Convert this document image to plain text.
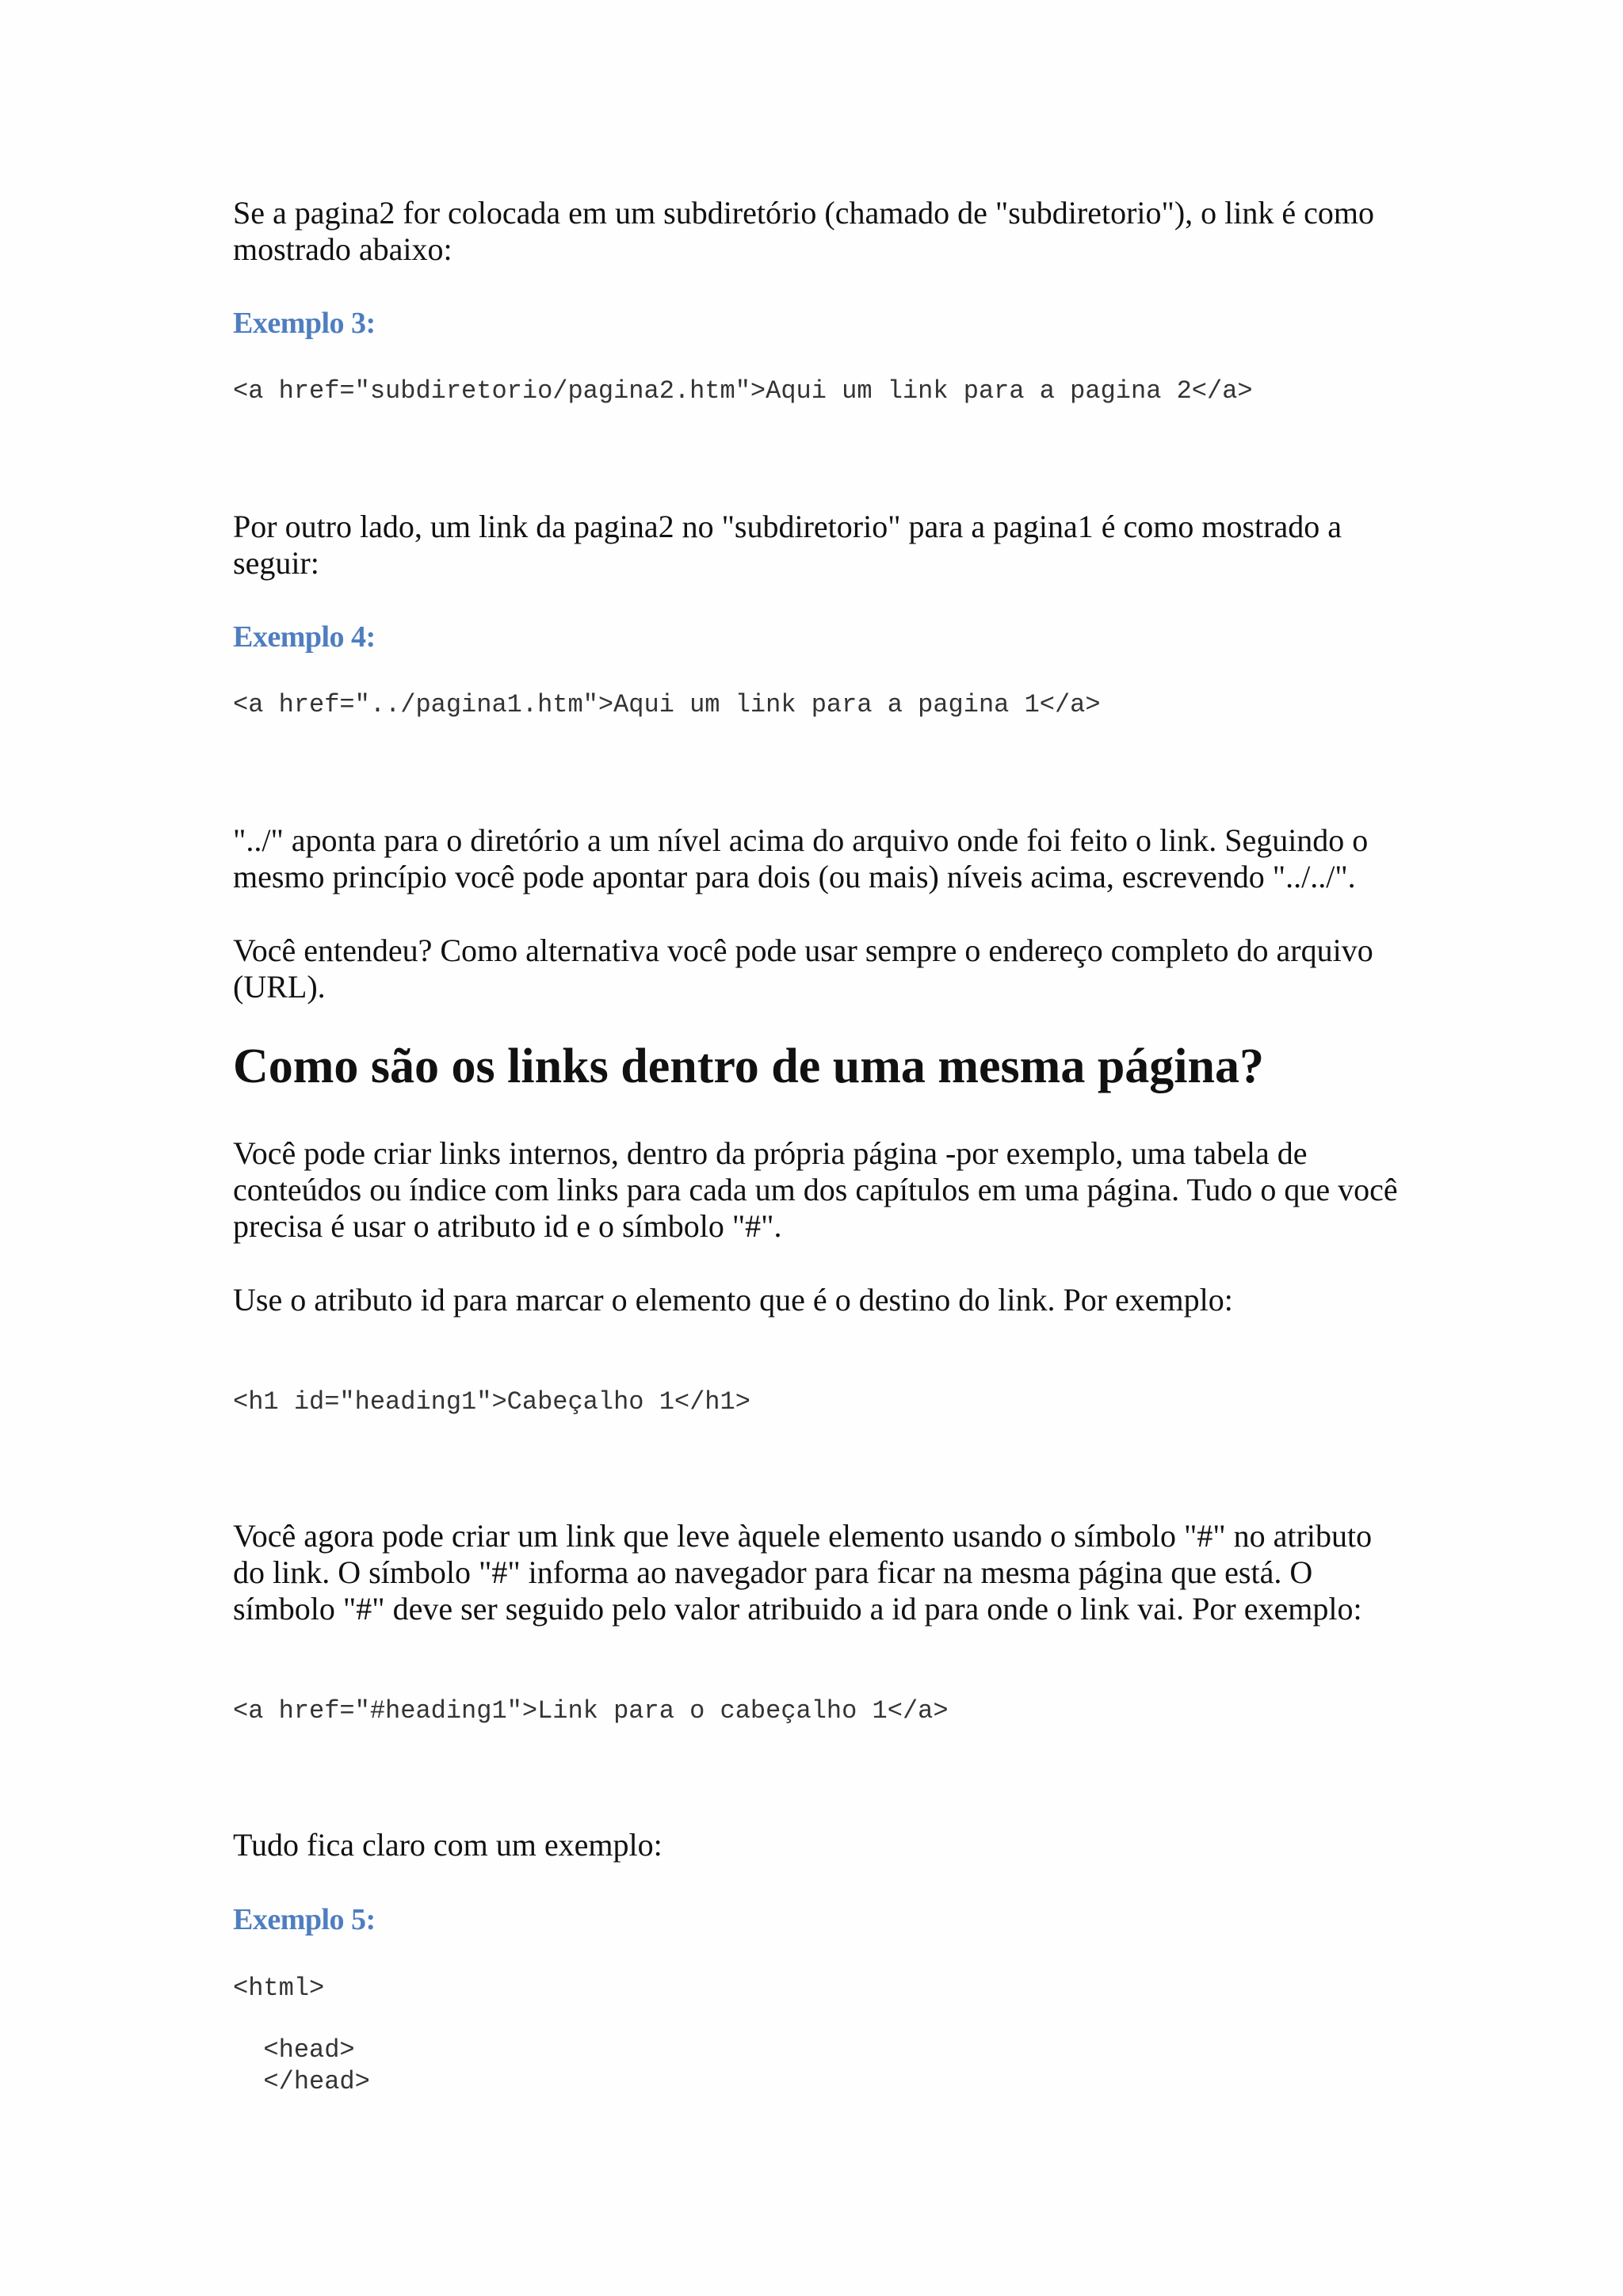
Se a pagina2 for colocada em um subdiretório (chamado de "subdiretorio"), o link é como mostrado abaixo:

Exemplo 3:
<a href="subdiretorio/pagina2.htm">Aqui um link para a pagina 2</a>

Por outro lado, um link da pagina2 no "subdiretorio" para a pagina1 é como mostrado a seguir:

Exemplo 4:
<a href="../pagina1.htm">Aqui um link para a pagina 1</a>

"../" aponta para o diretório a um nível acima do arquivo onde foi feito o link. Seguindo o mesmo princípio você pode apontar para dois (ou mais) níveis acima, escrevendo "../../".

Você entendeu? Como alternativa você pode usar sempre o endereço completo do arquivo (URL).

Como são os links dentro de uma mesma página?

Você pode criar links internos, dentro da própria página -por exemplo, uma tabela de conteúdos ou índice com links para cada um dos capítulos em uma página. Tudo o que você precisa é usar o atributo id e o símbolo "#".

Use o atributo id para marcar o elemento que é o destino do link. Por exemplo:

<h1 id="heading1">Cabeçalho 1</h1>

Você agora pode criar um link que leve àquele elemento usando o símbolo "#" no atributo do link. O símbolo "#" informa ao navegador para ficar na mesma página que está. O símbolo "#" deve ser seguido pelo valor atribuido a id para onde o link vai. Por exemplo:

<a href="#heading1">Link para o cabeçalho 1</a>

Tudo fica claro com um exemplo:

Exemplo 5:
<html>
<head>
</head>
